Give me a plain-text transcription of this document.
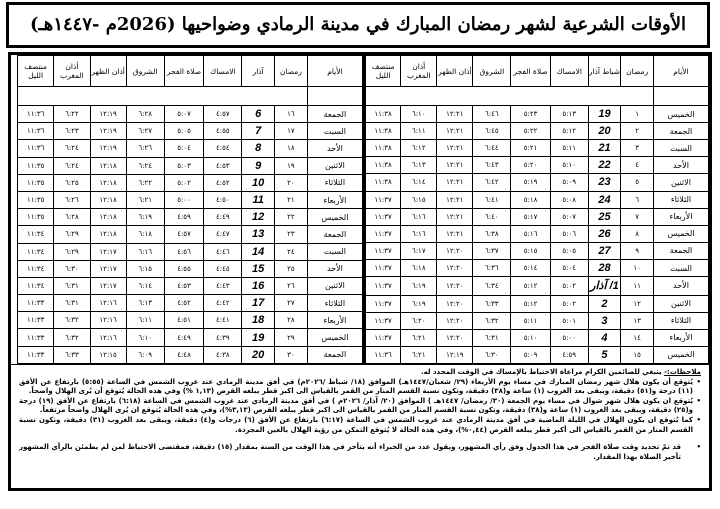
الأوقات الشرعية لشهر رمضان المبارك في مدينة الرمادي وضواحيها (2026م -١٤٤٧هـ)
الأيام	رمضان	شباط آذار	الامساك	صلاة الفجر	الشروق	أذان الظهر	أذان المغرب	منتصف الليل

الخميس	١	19	٥:١٣	٥:٢٣	٦:٤٦	١٢:٢١	٦:١٠	١١:٣٨
الجمعة	٢	20	٥:١٢	٥:٢٢	٦:٤٥	١٢:٢١	٦:١١	١١:٣٨
السبت	٣	21	٥:١١	٥:٢١	٦:٤٤	١٢:٢١	٦:١٢	١١:٣٨
الأحد	٤	22	٥:١٠	٥:٢٠	٦:٤٣	١٢:٢١	٦:١٣	١١:٣٨
الاثنين	٥	23	٥:٠٩	٥:١٩	٦:٤٢	١٢:٢١	٦:١٤	١١:٣٨
الثلاثاء	٦	24	٥:٠٨	٥:١٨	٦:٤١	١٢:٢١	٦:١٥	١١:٣٧
الأربعاء	٧	25	٥:٠٧	٥:١٧	٦:٤٠	١٢:٢١	٦:١٦	١١:٣٧
الخميس	٨	26	٥:٠٦	٥:١٦	٦:٣٨	١٢:٢١	٦:١٦	١١:٣٧
الجمعة	٩	27	٥:٠٥	٥:١٥	٦:٣٧	١٢:٢٠	٦:١٧	١١:٣٧
السبت	١٠	28	٥:٠٤	٥:١٤	٦:٣٦	١٢:٢٠	٦:١٨	١١:٣٧
الأحد	١١	1/ آذار	٥:٠٢	٥:١٢	٦:٣٤	١٢:٢٠	٦:١٩	١١:٣٧
الاثنين	١٢	2	٥:٠٢	٥:١٢	٦:٣٣	١٢:٢٠	٦:١٩	١١:٣٧
الثلاثاء	١٣	3	٥:٠١	٥:١١	٦:٣٢	١٢:٢٠	٦:٢٠	١١:٣٧
الأربعاء	١٤	4	٥:٠٠	٥:١٠	٦:٣١	١٢:٢٠	٦:٢١	١١:٣٧
الخميس	١٥	5	٤:٥٩	٥:٠٩	٦:٣٠	١٢:١٩	٦:٢١	١١:٣٦
الأيام	رمضان	آذار	الامساك	صلاة الفجر	الشروق	أذان الظهر	أذان المغرب	منتصف الليل

الجمعة	١٦	6	٤:٥٧	٥:٠٧	٦:٢٨	١٢:١٩	٦:٢٢	١١:٣٦
السبت	١٧	7	٤:٥٥	٥:٠٥	٦:٢٧	١٢:١٩	٦:٢٣	١١:٣٦
الأحد	١٨	8	٤:٥٤	٥:٠٤	٦:٢٦	١٢:١٩	٦:٢٤	١١:٣٦
الاثنين	١٩	9	٤:٥٣	٥:٠٣	٦:٢٤	١٢:١٨	٦:٢٤	١١:٣٥
الثلاثاء	٢٠	10	٤:٥٢	٥:٠٢	٦:٢٢	١٢:١٨	٦:٢٥	١١:٣٥
الأربعاء	٢١	11	٤:٥٠	٥:٠٠	٦:٢١	١٢:١٨	٦:٢٦	١١:٣٥
الخميس	٢٢	12	٤:٤٩	٤:٥٩	٦:١٩	١٢:١٨	٦:٢٨	١١:٣٥
الجمعة	٢٣	13	٤:٤٧	٤:٥٧	٦:١٨	١٢:١٨	٦:٢٩	١١:٣٤
السبت	٢٤	14	٤:٤٦	٤:٥٦	٦:١٦	١٢:١٧	٦:٢٩	١١:٣٤
الأحد	٢٥	15	٤:٤٥	٤:٥٥	٦:١٥	١٢:١٧	٦:٣٠	١١:٣٤
الاثنين	٢٦	16	٤:٤٣	٤:٥٣	٦:١٤	١٢:١٧	٦:٣١	١١:٣٤
الثلاثاء	٢٧	17	٤:٤٢	٤:٥٢	٦:١٣	١٢:١٦	٦:٣١	١١:٣٣
الأربعاء	٢٨	18	٤:٤١	٤:٥١	٦:١١	١٢:١٦	٦:٣٢	١١:٣٣
الخميس	٢٩	19	٤:٣٩	٤:٤٩	٦:١٠	١٢:١٦	٦:٣٢	١١:٣٣
الجمعة	٣٠	20	٤:٣٨	٤:٤٨	٦:٠٩	١٢:١٥	٦:٣٣	١١:٣٣
ملاحظات:- ينبغي للصائمين الكرام مراعاة الاحتياط بالإمساك في الوقت المحدد له.
• يُتوقع أن يكون هلال شهر رمضان المبارك في مساء يوم الأربعاء (٢٩/ شعبان/١٤٤٧هـ) الموافق (١٨/ شباط /٢٠٢٦م) في أفق مدينة الرمادي عند غروب الشمس في الساعة (٥:٥٥) بارتفاع عن الأفق (١١) درجة و(٥١) دقيقة، ويبقى بعد الغروب (١) ساعة و(٣٨) دقيقة، وتكون نسبة القسم المنار من القمر بالقياس الى اكبر قطر يبلغه القرص (١,١٣ %) وفي هذه الحالة يُتوقع أن يُرى الهلال واضحاً.
• يُتوقع ان يكون هلال شهر شوال في مساء يوم الجمعة (٣٠/ رمضان/ ١٤٤٧هـ ) الموافق (٢٠/ آذار/ ٢٠٢٦م ) في أفق مدينة الرمادي عند غروب الشمس في الساعة (٦:١٨) بارتفاع عن الأفق (١٩) درجة و(٢٥) دقيقة، ويبقى بعد الغروب (١) ساعة و(٣٨) دقيقة، وتكون نسبة القسم المنار من القمر بالقياس الى اكبر قطر يبلغه القرص (٣,١٣%)، وفي هذه الحالة يُتوقع ان يُرى الهلال واضحاً مرتفعاً.
• كما يُتوقع ان يكون الهلال في الليلة الماضية في أفق مدينة الرمادي عند غروب الشمس في الساعة (٦:١٧) بارتفاع عن الأفق (٦) درجات و(٤) دقيقة، ويبقى بعد الغروب (٣١) دقيقة، وتكون نسبة القسم المنار من القمر بالقياس الى أكبر قطر يبلغه القرص (٠,٤٤%)، وفي هذه الحالة لا يُتوقع التمكن من رؤية الهلال بالعين المجردة.
• قد تمّ تحديد وقت صلاة الفجر في هذا الجدول وفق رأي المشهور، ويقول عدد من الخبراء أنه يتأخر في هذا الوقت من السنة بمقدار (١٥) دقيقة، فمقتضى الاحتياط لمن لم يطمئن بالرأي المشهور تأخير الصلاة بهذا المقدار.
